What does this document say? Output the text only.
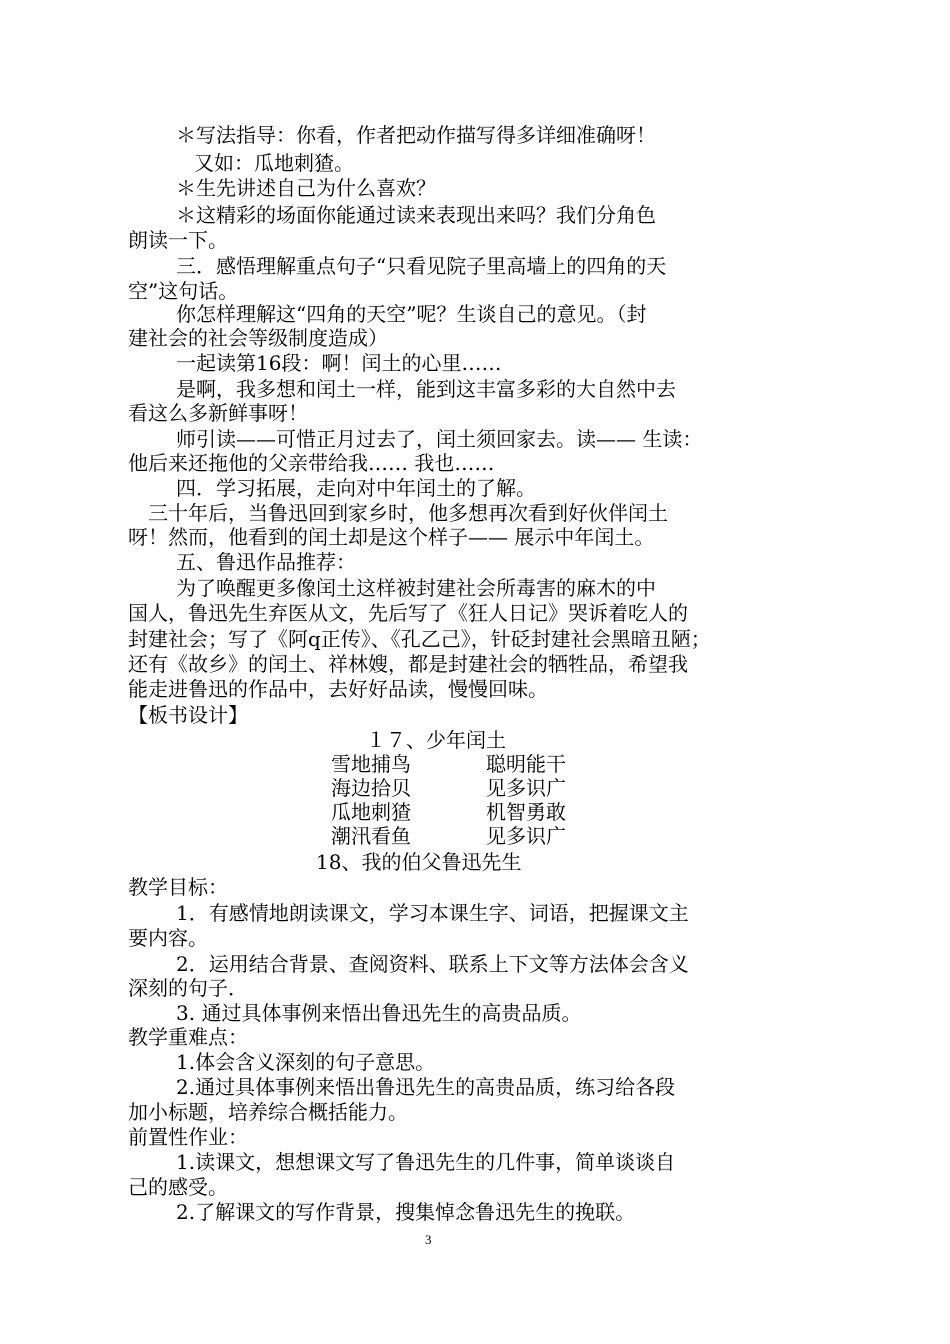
＊写法指导：你看，作者把动作描写得多详细准确呀！
又如：瓜地刺猹。
＊生先讲述自己为什么喜欢？
＊这精彩的场面你能通过读来表现出来吗？我们分角色
朗读一下。
三．感悟理解重点句子“只看见院子里高墙上的四角的天
空”这句话。
你怎样理解这“四角的天空”呢？生谈自己的意见。（封
建社会的社会等级制度造成）
一起读第16段：啊！闰土的心里……
是啊，我多想和闰土一样，能到这丰富多彩的大自然中去
看这么多新鲜事呀！
师引读——可惜正月过去了，闰土须回家去。读—— 生读：
他后来还拖他的父亲带给我…… 我也……
四．学习拓展，走向对中年闰土的了解。
三十年后，当鲁迅回到家乡时，他多想再次看到好伙伴闰土
呀！然而，他看到的闰土却是这个样子—— 展示中年闰土。
五、鲁迅作品推荐：
为了唤醒更多像闰土这样被封建社会所毒害的麻木的中
国人，鲁迅先生弃医从文，先后写了《狂人日记》哭诉着吃人的
封建社会；写了《阿q正传》、《孔乙己》，针砭封建社会黑暗丑陋；
还有《故乡》的闰土、祥林嫂，都是封建社会的牺牲品，希望我
能走进鲁迅的作品中，去好好品读，慢慢回味。
【板书设计】
１７、少年闰土
雪地捕鸟	聪明能干
海边拾贝	见多识广
瓜地刺猹	机智勇敢
潮汛看鱼	见多识广
18、我的伯父鲁迅先生
教学目标：
1．有感情地朗读课文，学习本课生字、词语，把握课文主
要内容。
2．运用结合背景、查阅资料、联系上下文等方法体会含义
深刻的句子．
3. 通过具体事例来悟出鲁迅先生的高贵品质。
教学重难点：
1.体会含义深刻的句子意思。
2.通过具体事例来悟出鲁迅先生的高贵品质，练习给各段
加小标题，培养综合概括能力。
前置性作业：
1.读课文，想想课文写了鲁迅先生的几件事，简单谈谈自
己的感受。
2.了解课文的写作背景，搜集悼念鲁迅先生的挽联。
3
